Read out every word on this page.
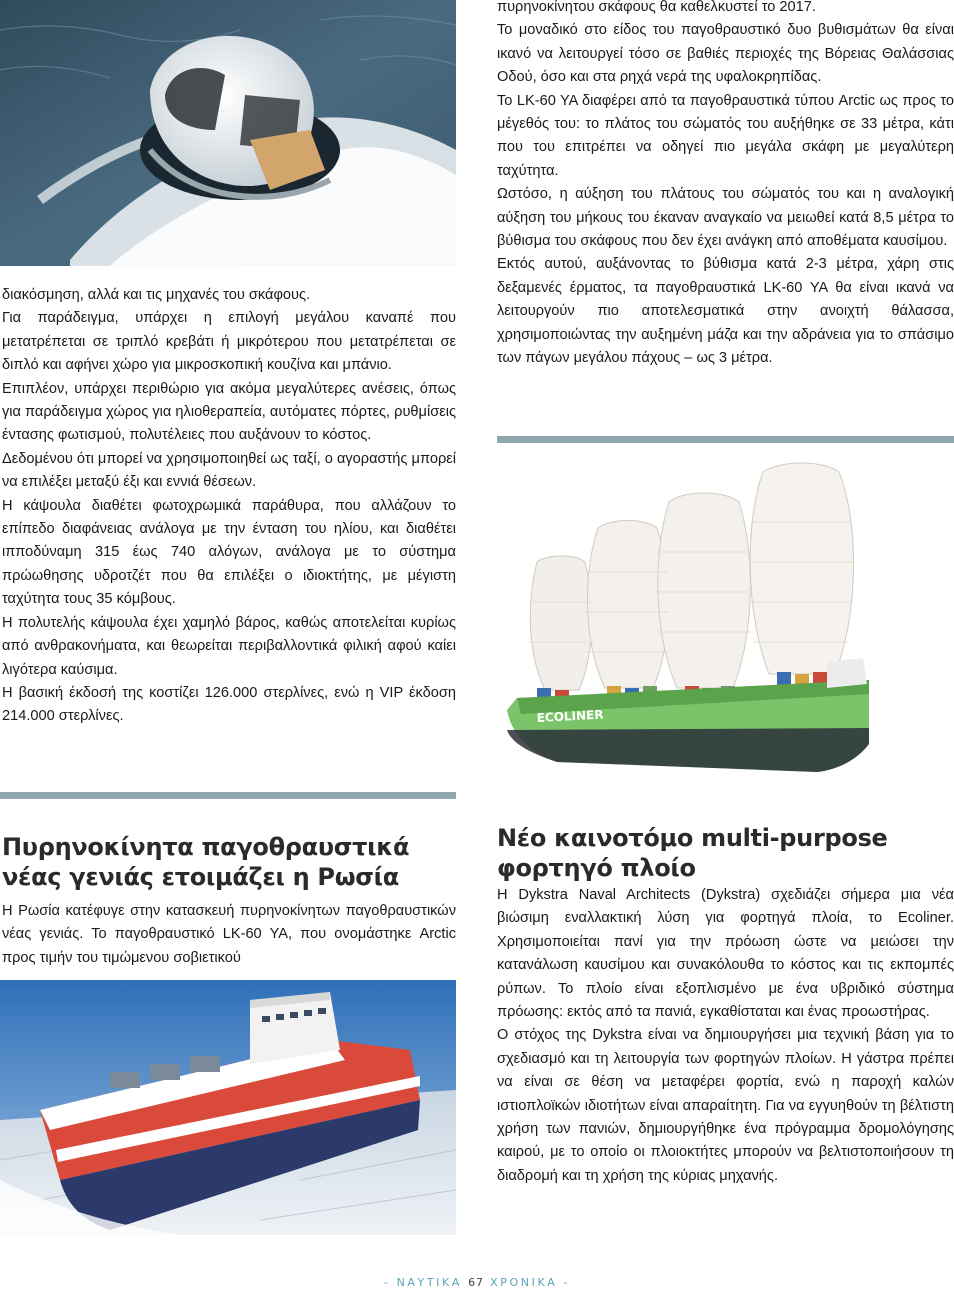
διακόσμηση, αλλά και τις μηχανές του σκάφους.

Για παράδειγμα, υπάρχει η επιλογή μεγάλου καναπέ που μετατρέπεται σε τριπλό κρεβάτι ή μικρότερου που μετατρέπεται σε διπλό και αφήνει χώρο για μικροσκοπική κουζίνα και μπάνιο.

Επιπλέον, υπάρχει περιθώριο για ακόμα μεγαλύτερες ανέσεις, όπως για παράδειγμα χώρος για ηλιοθεραπεία, αυτόματες πόρτες, ρυθμίσεις έντασης φωτισμού, πολυτέλειες που αυξάνουν το κόστος.

Δεδομένου ότι μπορεί να χρησιμοποιηθεί ως ταξί, ο αγοραστής μπορεί να επιλέξει μεταξύ έξι και εννιά θέσεων.

Η κάψουλα διαθέτει φωτοχρωμικά παράθυρα, που αλλάζουν το επίπεδο διαφάνειας ανάλογα με την ένταση του ηλίου, και διαθέτει ιπποδύναμη 315 έως 740 αλόγων, ανάλογα με το σύστημα πρώωθησης υδροτζέτ που θα επιλέξει ο ιδιοκτήτης, με μέγιστη ταχύτητα τους 35 κόμβους.

Η πολυτελής κάψουλα έχει χαμηλό βάρος, καθώς αποτελείται κυρίως από ανθρακονήματα, και θεωρείται περιβαλλοντικά φιλική αφού καίει λιγότερα καύσιμα.

Η βασική έκδοσή της κοστίζει 126.000 στερλίνες, ενώ η VIP έκδοση 214.000 στερλίνες.

πυρηνοκίνητου σκάφους θα καθελκυστεί το 2017.

Το μοναδικό στο είδος του παγοθραυστικό δυο βυθισμάτων θα είναι ικανό να λειτουργεί τόσο σε βαθιές περιοχές της Βόρειας Θαλάσσιας Οδού, όσο και στα ρηχά νερά της υφαλοκρηπίδας.

Το LK-60 YA διαφέρει από τα παγοθραυστικά τύπου Arctic ως προς το μέγεθός του: το πλάτος του σώματός του αυξήθηκε σε 33 μέτρα, κάτι που του επιτρέπει να οδηγεί πιο μεγάλα σκάφη με μεγαλύτερη ταχύτητα.

Ωστόσο, η αύξηση του πλάτους του σώματός του και η αναλογική αύξηση του μήκους του έκαναν αναγκαίο να μειωθεί κατά 8,5 μέτρα το βύθισμα του σκάφους που δεν έχει ανάγκη από αποθέματα καυσίμου.

Εκτός αυτού, αυξάνοντας το βύθισμα κατά 2-3 μέτρα, χάρη στις δεξαμενές έρματος, τα παγοθραυστικά LK-60 YA θα είναι ικανά να λειτουργούν πιο αποτελεσματικά στην ανοιχτή θάλασσα, χρησιμοποιώντας την αυξημένη μάζα και την αδράνεια για το σπάσιμο των πάγων μεγάλου πάχους – ως 3 μέτρα.

ECOLINER
Πυρηνοκίνητα παγοθραυστικά νέας γενιάς ετοιμάζει η Ρωσία
Νέο καινοτόμο multi-purpose φορτηγό πλοίο

Η Ρωσία κατέφυγε στην κατασκευή πυρηνοκίνητων παγοθραυστικών νέας γενιάς. Το παγοθραυστικό LK-60 YA, που ονομάστηκε Arctic προς τιμήν του τιμώμενου σοβιετικού

Η Dykstra Naval Architects (Dykstra) σχεδιάζει σήμερα μια νέα βιώσιμη εναλλακτική λύση για φορτηγά πλοία, το Ecoliner. Χρησιμοποιείται πανί για την πρόωση ώστε να μειώσει την κατανάλωση καυσίμου και συνακόλουθα το κόστος και τις εκπομπές ρύπων. Το πλοίο είναι εξοπλισμένο με ένα υβριδικό σύστημα πρόωσης: εκτός από τα πανιά, εγκαθίσταται και ένας προωστήρας.

Ο στόχος της Dykstra είναι να δημιουργήσει μια τεχνική βάση για το σχεδιασμό και τη λειτουργία των φορτηγών πλοίων. Η γάστρα πρέπει να είναι σε θέση να μεταφέρει φορτία, ενώ η παροχή καλών ιστιοπλοϊκών ιδιοτήτων είναι απαραίτητη. Για να εγγυηθούν τη βέλτιστη χρήση των πανιών, δημιουργήθηκε ένα πρόγραμμα δρομολόγησης καιρού, με το οποίο οι πλοιοκτήτες μπορούν να βελτιστοποιήσουν τη διαδρομή και τη χρήση της κύριας μηχανής.

- ΝΑΥΤΙΚΑ 67 ΧΡΟΝΙΚΑ -
